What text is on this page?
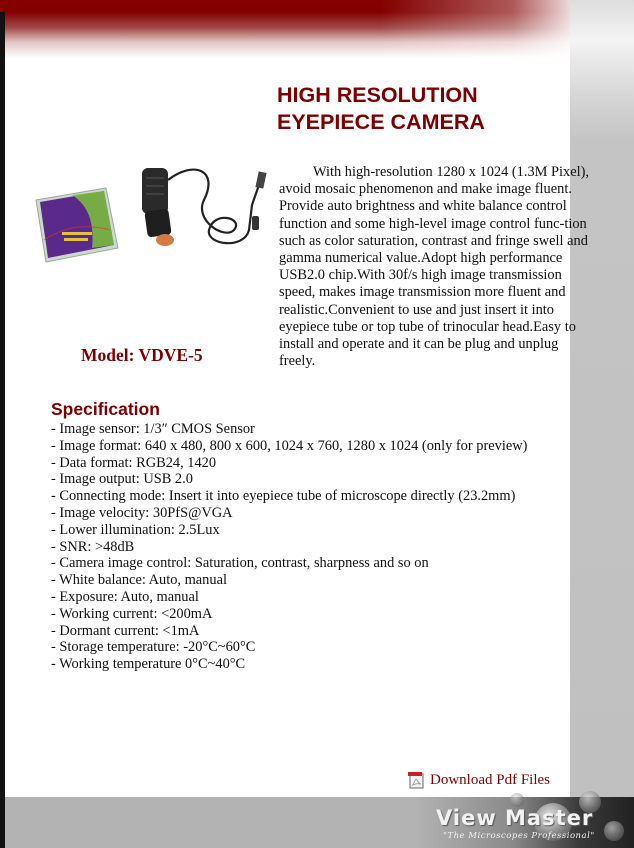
HIGH RESOLUTION
EYEPIECE CAMERA

With high-resolution 1280 x 1024 (1.3M Pixel), avoid mosaic phenomenon and make image fluent. Provide auto brightness and white balance control function and some high-level image control func-tion such as color saturation, contrast and fringe swell and gamma numerical value.Adopt high performance USB2.0 chip.With 30f/s high image transmission speed, makes image transmission more fluent and realistic.Convenient to use and just insert it into eyepiece tube or top tube of trinocular head.Easy to install and operate and it can be plug and unplug freely.

Model: VDVE-5

Specification
- Image sensor: 1/3″ CMOS Sensor
- Image format: 640 x 480, 800 x 600, 1024 x 760, 1280 x 1024 (only for preview)
- Data format: RGB24, 1420
- Image output: USB 2.0
- Connecting mode: Insert it into eyepiece tube of microscope directly (23.2mm)
- Image velocity: 30PfS@VGA
- Lower illumination: 2.5Lux
- SNR: >48dB
- Camera image control: Saturation, contrast, sharpness and so on
- White balance: Auto, manual
- Exposure: Auto, manual
- Working current: <200mA
- Dormant current: <1mA
- Storage temperature: -20°C~60°C
- Working temperature 0°C~40°C
Download Pdf Files
View Master
"The Microscopes Professional"
